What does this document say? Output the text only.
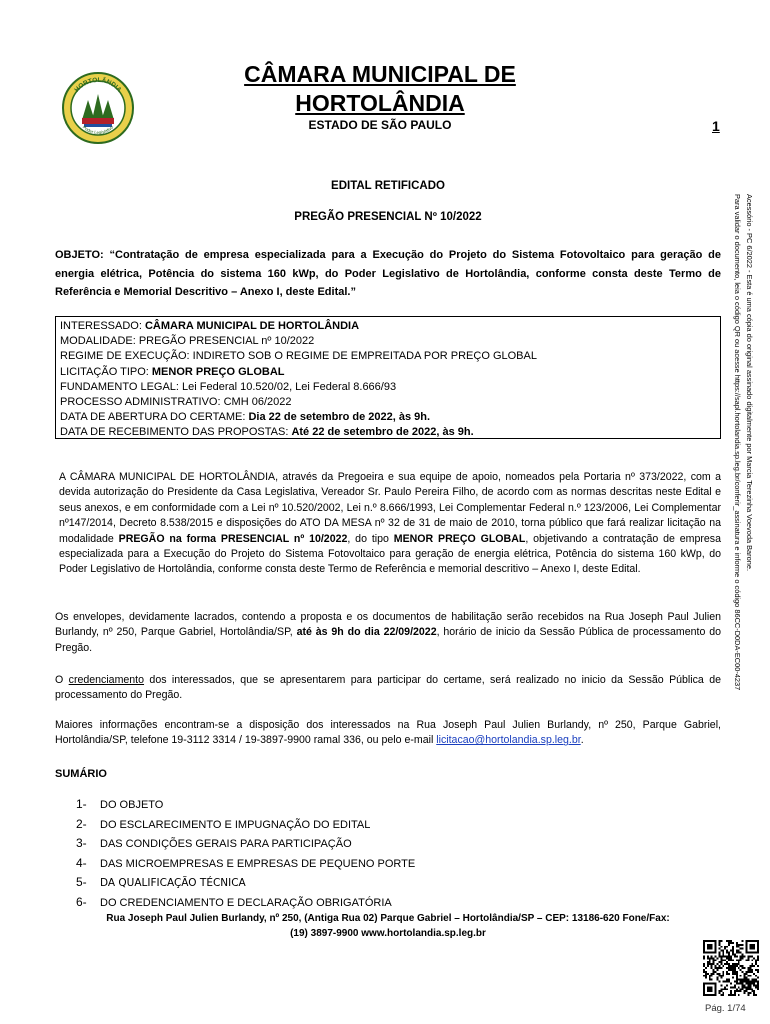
HORTOLÂNDIA
Poder Legislativo
CÂMARA MUNICIPAL DE
HORTOLÂNDIA
ESTADO DE SÃO PAULO	1
Acessório - PC 6/2022 - Esta é uma cópia do original assinado digitalmente por Marcia Terezinha Voevoda Barone.
Para validar o documento, leia o código QR ou acesse https://sapl.hortolandia.sp.leg.br/conferir_assinatura e informe o código 86CC-D0DA-EC00-4237
EDITAL RETIFICADO
PREGÃO PRESENCIAL Nº 10/2022
OBJETO: “Contratação de empresa especializada para a Execução do Projeto do Sistema Fotovoltaico para geração de energia elétrica, Potência do sistema 160 kWp, do Poder Legislativo de Hortolândia, conforme consta deste Termo de Referência e Memorial Descritivo – Anexo I, deste Edital.”
INTERESSADO: CÂMARA MUNICIPAL DE HORTOLÂNDIA
MODALIDADE: PREGÃO PRESENCIAL nº 10/2022
REGIME DE EXECUÇÃO: INDIRETO SOB O REGIME DE EMPREITADA POR PREÇO GLOBAL
LICITAÇÃO TIPO: MENOR PREÇO GLOBAL
FUNDAMENTO LEGAL: Lei Federal 10.520/02, Lei Federal 8.666/93
PROCESSO ADMINISTRATIVO: CMH 06/2022
DATA DE ABERTURA DO CERTAME: Dia 22 de setembro de 2022, às 9h.
DATA DE RECEBIMENTO DAS PROPOSTAS: Até 22 de setembro de 2022, às 9h.
A CÂMARA MUNICIPAL DE HORTOLÂNDIA, através da Pregoeira e sua equipe de apoio, nomeados pela Portaria nº 373/2022, com a devida autorização do Presidente da Casa Legislativa, Vereador Sr. Paulo Pereira Filho, de acordo com as normas descritas neste Edital e seus anexos, e em conformidade com a Lei nº 10.520/2002, Lei n.º 8.666/1993, Lei Complementar Federal n.º 123/2006, Lei Complementar nº147/2014, Decreto 8.538/2015 e disposições do ATO DA MESA nº 32 de 31 de maio de 2010, torna público que fará realizar licitação na modalidade PREGÃO na forma PRESENCIAL nº 10/2022, do tipo MENOR PREÇO GLOBAL, objetivando a contratação de empresa especializada para a Execução do Projeto do Sistema Fotovoltaico para geração de energia elétrica, Potência do sistema 160 kWp, do Poder Legislativo de Hortolândia, conforme consta deste Termo de Referência e memorial descritivo – Anexo I, deste Edital.
Os envelopes, devidamente lacrados, contendo a proposta e os documentos de habilitação serão recebidos na Rua Joseph Paul Julien Burlandy, nº 250, Parque Gabriel, Hortolândia/SP, até às 9h do dia 22/09/2022, horário de inicio da Sessão Pública de processamento do Pregão.
O credenciamento dos interessados, que se apresentarem para participar do certame, será realizado no inicio da Sessão Pública de processamento do Pregão.
Maiores informações encontram-se a disposição dos interessados na Rua Joseph Paul Julien Burlandy, nº 250, Parque Gabriel, Hortolândia/SP, telefone 19-3112 3314 / 19-3897-9900 ramal 336, ou pelo e-mail licitacao@hortolandia.sp.leg.br.
SUMÁRIO
1- DO OBJETO
2- DO ESCLARECIMENTO E IMPUGNAÇÃO DO EDITAL
3- DAS CONDIÇÕES GERAIS PARA PARTICIPAÇÃO
4- DAS MICROEMPRESAS E EMPRESAS DE PEQUENO PORTE
5- DA QUALIFICAÇÃO TÉCNICA
6- DO CREDENCIAMENTO E DECLARAÇÃO OBRIGATÓRIA
Rua Joseph Paul Julien Burlandy, nº 250, (Antiga Rua 02) Parque Gabriel – Hortolândia/SP – CEP: 13186-620 Fone/Fax:
(19) 3897-9900 www.hortolandia.sp.leg.br
Pág. 1/74
